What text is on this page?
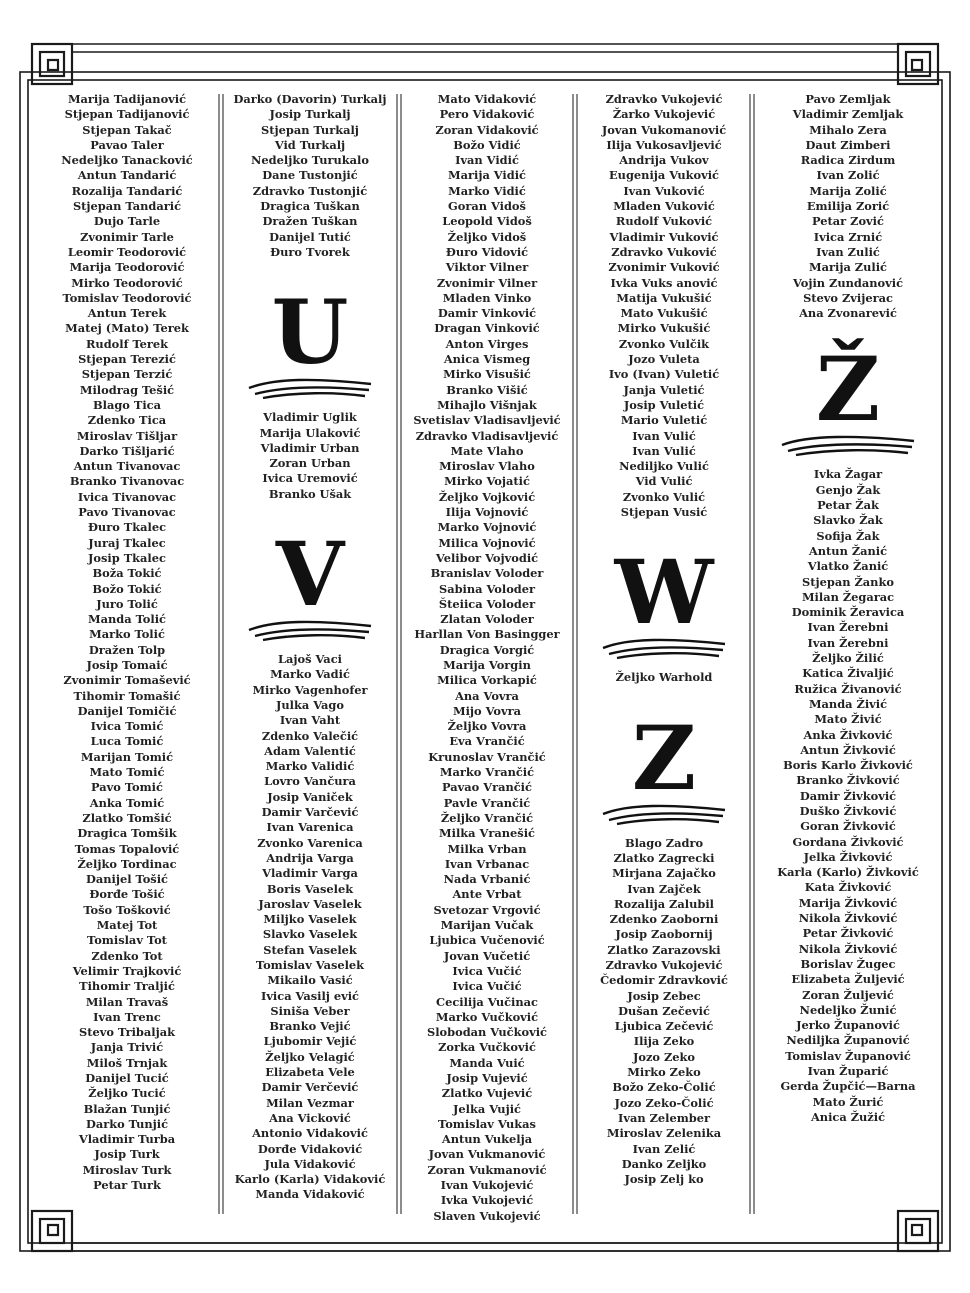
Marija Tadijanović
Stjepan Tadijanović
Stjepan Takač
Pavao Taler
Nedeljko Tanacković
Antun Tandarić
Rozalija Tandarić
Stjepan Tandarić
Dujo Tarle
Zvonimir Tarle
Leomir Teodorović
Marija Teodorović
Mirko Teodorović
Tomislav Teodorović
Antun Terek
Matej (Mato) Terek
Rudolf Terek
Stjepan Terezić
Stjepan Terzić
Milodrag Tešić
Blago Tica
Zdenko Tica
Miroslav Tišljar
Darko Tišljarić
Antun Tivanovac
Branko Tivanovac
Ivica Tivanovac
Pavo Tivanovac
Đuro Tkalec
Juraj Tkalec
Josip Tkalec
Boža Tokić
Božo Tokić
Juro Tolić
Manda Tolić
Marko Tolić
Dražen Tolp
Josip Tomaić
Zvonimir Tomašević
Tihomir Tomašić
Danijel Tomičić
Ivica Tomić
Luca Tomić
Marijan Tomić
Mato Tomić
Pavo Tomić
Anka Tomić
Zlatko Tomšić
Dragica Tomšik
Tomas Topalović
Željko Tordinac
Danijel Tošić
Đorđe Tošić
Tošo Tošković
Matej Tot
Tomislav Tot
Zdenko Tot
Velimir Trajković
Tihomir Traljić
Milan Travaš
Ivan Trenc
Stevo Tribaljak
Janja Trivić
Miloš Trnjak
Danijel Tucić
Željko Tucić
Blažan Tunjić
Darko Tunjić
Vladimir Turba
Josip Turk
Miroslav Turk
Petar Turk
Darko (Davorin) Turkalj
Josip Turkalj
Stjepan Turkalj
Vid Turkalj
Nedeljko Turukalo
Dane Tustonjić
Zdravko Tustonjić
Dragica Tuškan
Dražen Tuškan
Danijel Tutić
Đuro Tvorek
U
Vladimir Uglik
Marija Ulaković
Vladimir Urban
Zoran Urban
Ivica Uremović
Branko Ušak
V
Lajoš Vaci
Marko Vadić
Mirko Vagenhofer
Julka Vago
Ivan Vaht
Zdenko Valečić
Adam Valentić
Marko Validić
Lovro Vančura
Josip Vaniček
Damir Varčević
Ivan Varenica
Zvonko Varenica
Andrija Varga
Vladimir Varga
Boris Vaselek
Jaroslav Vaselek
Miljko Vaselek
Slavko Vaselek
Stefan Vaselek
Tomislav Vaselek
Mikailo Vasić
Ivica Vasilj ević
Siniša Veber
Branko Vejić
Ljubomir Vejić
Željko Velagić
Elizabeta Vele
Damir Verčević
Milan Vezmar
Ana Vicković
Antonio Vidaković
Dorđe Vidaković
Jula Vidaković
Karlo (Karla) Vidaković
Manda Vidaković
Mato Vidaković
Pero Vidaković
Zoran Vidaković
Božo Vidić
Ivan Vidić
Marija Vidić
Marko Vidić
Goran Vidoš
Leopold Vidoš
Željko Vidoš
Đuro Vidović
Viktor Vilner
Zvonimir Vilner
Mladen Vinko
Damir Vinković
Dragan Vinković
Anton Virges
Anica Vismeg
Mirko Visušić
Branko Višić
Mihajlo Višnjak
Svetislav Vladisavljević
Zdravko Vladisavljević
Mate Vlaho
Miroslav Vlaho
Mirko Vojatić
Željko Vojković
Ilija Vojnović
Marko Vojnović
Milica Vojnović
Velibor Vojvodić
Branislav Voloder
Sabina Voloder
Šteiica Voloder
Zlatan Voloder
Harllan Von Basingger
Dragica Vorgić
Marija Vorgin
Milica Vorkapić
Ana Vovra
Mijo Vovra
Željko Vovra
Eva Vrančić
Krunoslav Vrančić
Marko Vrančić
Pavao Vrančić
Pavle Vrančić
Željko Vrančić
Milka Vranešić
Milka Vrban
Ivan Vrbanac
Nada Vrbanić
Ante Vrbat
Svetozar Vrgović
Marijan Vučak
Ljubica Vučenović
Jovan Vučetić
Ivica Vučić
Ivica Vučić
Cecilija Vučinac
Marko Vučković
Slobodan Vučković
Zorka Vučković
Manda Vuić
Josip Vujević
Zlatko Vujević
Jelka Vujić
Tomislav Vukas
Antun Vukelja
Jovan Vukmanović
Zoran Vukmanović
Ivan Vukojević
Ivka Vukojević
Slaven Vukojević
Zdravko Vukojević
Žarko Vukojević
Jovan Vukomanović
Ilija Vukosavljević
Andrija Vukov
Eugenija Vuković
Ivan Vuković
Mladen Vuković
Rudolf Vuković
Vladimir Vuković
Zdravko Vuković
Zvonimir Vuković
Ivka Vuks anović
Matija Vukušić
Mato Vukušić
Mirko Vukušić
Zvonko Vulčik
Jozo Vuleta
Ivo (Ivan) Vuletić
Janja Vuletić
Josip Vuletić
Mario Vuletić
Ivan Vulić
Ivan Vulić
Nediljko Vulić
Vid Vulić
Zvonko Vulić
Stjepan Vusić
W
Željko Warhold
Z
Blago Zadro
Zlatko Zagrecki
Mirjana Zajačko
Ivan Zajček
Rozalija Zalubil
Zdenko Zaoborni
Josip Zaobornij
Zlatko Zarazovski
Zdravko Vukojević
Čedomir Zdravković
Josip Zebec
Dušan Zečević
Ljubica Zečević
Ilija Zeko
Jozo Zeko
Mirko Zeko
Božo Zeko-Čolić
Jozo Zeko-Čolić
Ivan Zelember
Miroslav Zelenika
Ivan Zelić
Danko Zeljko
Josip Zelj ko
Pavo Zemljak
Vladimir Zemljak
Mihalo Zera
Daut Zimberi
Radica Zirdum
Ivan Zolić
Marija Zolić
Emilija Zorić
Petar Zović
Ivica Zrnić
Ivan Zulić
Marija Zulić
Vojin Zundanović
Stevo Zvijerac
Ana Zvonarević
Ž
Ivka Žagar
Genjo Žak
Petar Žak
Slavko Žak
Sofija Žak
Antun Žanić
Vlatko Žanić
Stjepan Žanko
Milan Žegarac
Dominik Žeravica
Ivan Žerebni
Ivan Žerebni
Željko Žilić
Katica Živaljić
Ružica Živanović
Manda Živić
Mato Živić
Anka Živković
Antun Živković
Boris Karlo Živković
Branko Živković
Damir Živković
Duško Živković
Goran Živković
Gordana Živković
Jelka Živković
Karla (Karlo) Živković
Kata Živković
Marija Živković
Nikola Živković
Petar Živković
Nikola Živković
Borislav Žugec
Elizabeta Žuljević
Zoran Žuljević
Nedeljko Žunić
Jerko Županović
Nediljka Županović
Tomislav Županović
Ivan Župarić
Gerda Župčić—Barna
Mato Žurić
Anica Žužić
